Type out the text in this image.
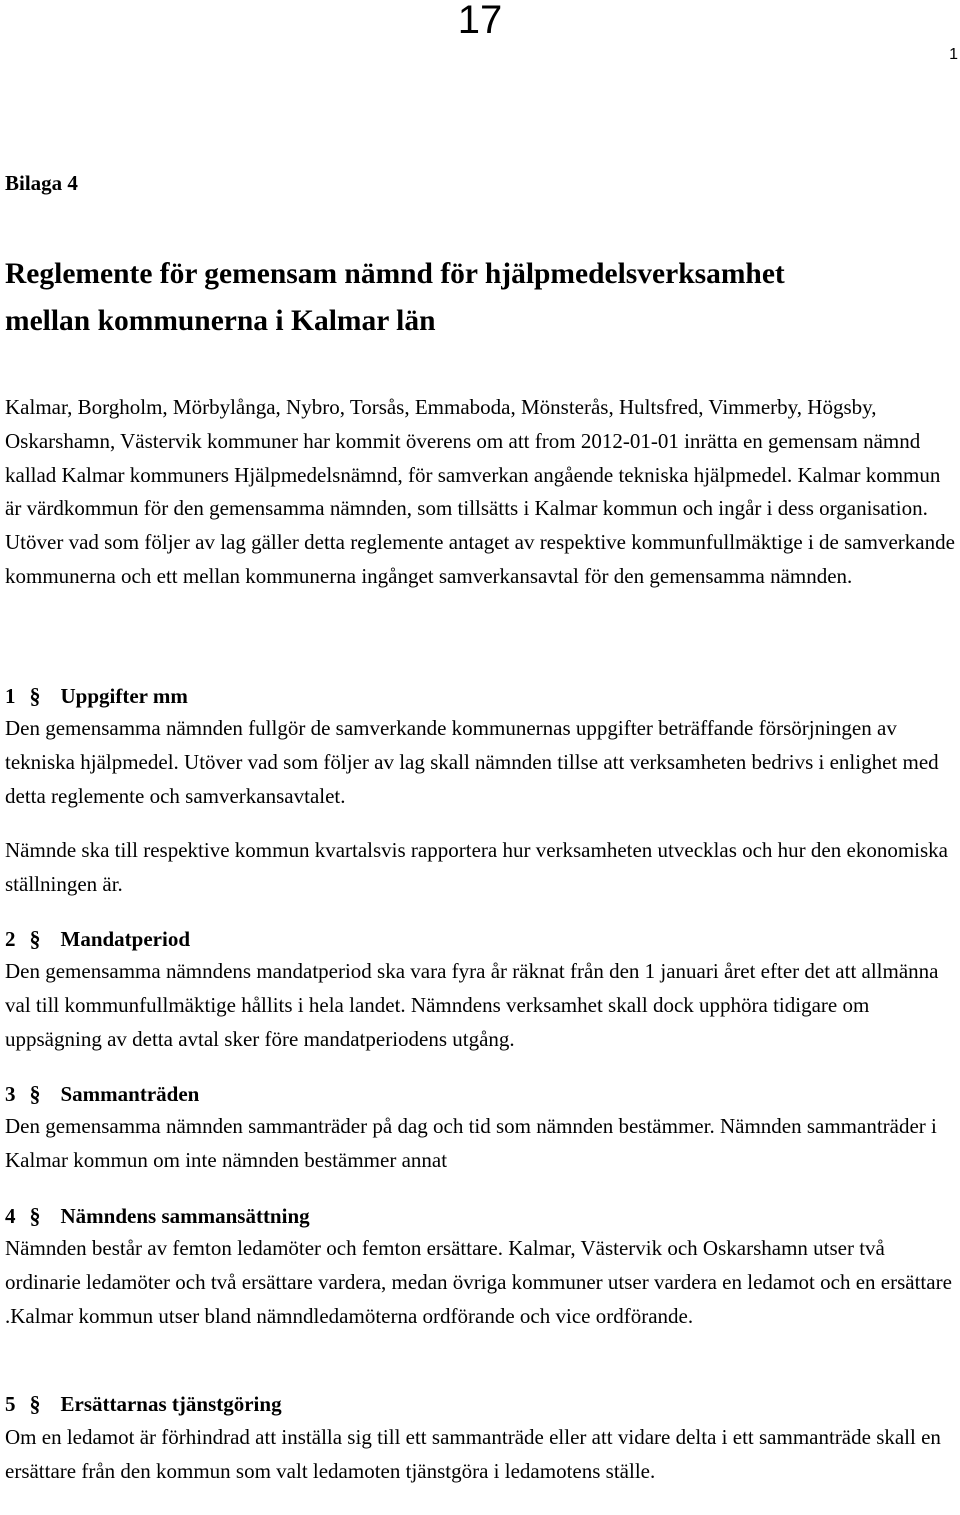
17
1
Bilaga 4
Reglemente för gemensam nämnd för hjälpmedelsverksamhet
mellan kommunerna i Kalmar län

Kalmar, Borgholm, Mörbylånga, Nybro, Torsås, Emmaboda, Mönsterås, Hultsfred, Vimmerby, Högsby, Oskarshamn, Västervik kommuner har kommit överens om att from 2012-01-01 inrätta en gemensam nämnd kallad Kalmar kommuners Hjälpmedelsnämnd, för samverkan angående tekniska hjälpmedel. Kalmar kommun är värdkommun för den gemensamma nämnden, som tillsätts i Kalmar kommun och ingår i dess organisation. Utöver vad som följer av lag gäller detta reglemente antaget av respektive kommunfullmäktige i de samverkande kommunerna och ett mellan kommunerna ingånget samverkansavtal för den gemensamma nämnden.

1 § Uppgifter mm

Den gemensamma nämnden fullgör de samverkande kommunernas uppgifter beträffande försörjningen av tekniska hjälpmedel. Utöver vad som följer av lag skall nämnden tillse att verksamheten bedrivs i enlighet med detta reglemente och samverkansavtalet.

Nämnde ska till respektive kommun kvartalsvis rapportera hur verksamheten utvecklas och hur den ekonomiska ställningen är.

2 § Mandatperiod

Den gemensamma nämndens mandatperiod ska vara fyra år räknat från den 1 januari året efter det att allmänna val till kommunfullmäktige hållits i hela landet. Nämndens verksamhet skall dock upphöra tidigare om uppsägning av detta avtal sker före mandatperiodens utgång.

3 § Sammanträden

Den gemensamma nämnden sammanträder på dag och tid som nämnden bestämmer. Nämnden sammanträder i Kalmar kommun om inte nämnden bestämmer annat

4 § Nämndens sammansättning

Nämnden består av femton ledamöter och femton ersättare. Kalmar, Västervik och Oskarshamn utser två ordinarie ledamöter och två ersättare vardera, medan övriga kommuner utser vardera en ledamot och en ersättare .Kalmar kommun utser bland nämndledamöterna ordförande och vice ordförande.

5 § Ersättarnas tjänstgöring

Om en ledamot är förhindrad att inställa sig till ett sammanträde eller att vidare delta i ett sammanträde skall en ersättare från den kommun som valt ledamoten tjänstgöra i ledamotens ställe.
